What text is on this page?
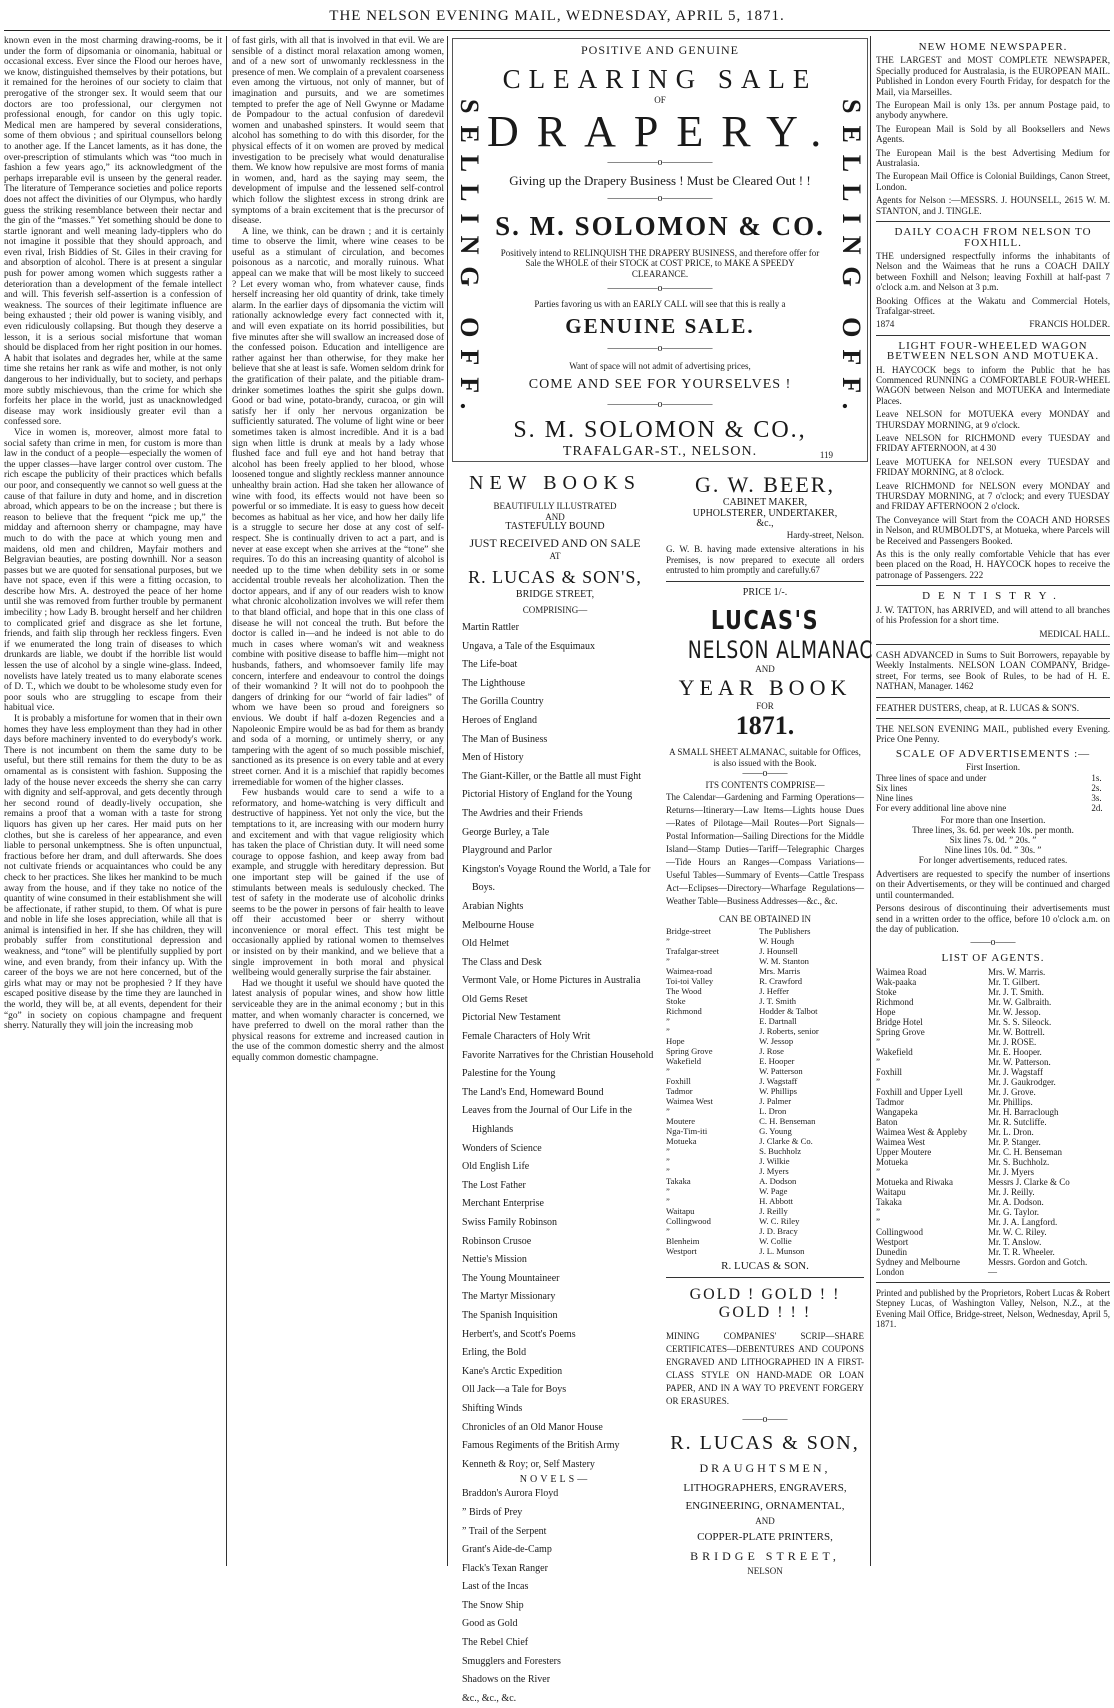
THE NELSON EVENING MAIL, WEDNESDAY, APRIL 5, 1871.

known even in the most charming drawing-rooms, be it under the form of dipsomania or oinomania, habitual or occasional excess. Ever since the Flood our heroes have, we know, distinguished themselves by their potations, but it remained for the heroines of our society to claim that prerogative of the stronger sex. It would seem that our doctors are too professional, our clergymen not professional enough, for candor on this ugly topic. Medical men are hampered by several considerations, some of them obvious ; and spiritual counsellors belong to another age. If the Lancet laments, as it has done, the over-prescription of stimulants which was “too much in fashion a few years ago,” its acknowledgment of the perhaps irreparable evil is unseen by the general reader. The literature of Temperance societies and police reports does not affect the divinities of our Olympus, who hardly guess the striking resemblance between their nectar and the gin of the “masses.” Yet something should be done to startle ignorant and well meaning lady-tipplers who do not imagine it possible that they should approach, and even rival, Irish Biddies of St. Giles in their craving for and absorption of alcohol. There is at present a singular push for power among women which suggests rather a deterioration than a development of the female intellect and will. This feverish self-assertion is a confession of weakness. The sources of their legitimate influence are being exhausted ; their old power is waning visibly, and even ridiculously collapsing. But though they deserve a lesson, it is a serious social misfortune that woman should be displaced from her right position in our homes. A habit that isolates and degrades her, while at the same time she retains her rank as wife and mother, is not only dangerous to her individually, but to society, and perhaps more subtly mischievous, than the crime for which she forfeits her place in the world, just as unacknowledged disease may work insidiously greater evil than a confessed sore.

Vice in women is, moreover, almost more fatal to social safety than crime in men, for custom is more than law in the conduct of a people—especially the women of the upper classes—have larger control over custom. The rich escape the publicity of their practices which befalls our poor, and consequently we cannot so well guess at the cause of that failure in duty and home, and in discretion abroad, which appears to be on the increase ; but there is reason to believe that the frequent “pick me up,” the midday and afternoon sherry or champagne, may have much to do with the pace at which young men and maidens, old men and children, Mayfair mothers and Belgravian beauties, are posting downhill. Nor a season passes but we are quoted for sensational purposes, but we have not space, even if this were a fitting occasion, to describe how Mrs. A. destroyed the peace of her home until she was removed from further trouble by permanent imbecility ; how Lady B. brought herself and her children to complicated grief and disgrace as she let fortune, friends, and faith slip through her reckless fingers. Even if we enumerated the long train of diseases to which drunkards are liable, we doubt if the horrible list would lessen the use of alcohol by a single wine-glass. Indeed, novelists have lately treated us to many elaborate scenes of D. T., which we doubt to be wholesome study even for poor souls who are struggling to escape from their habitual vice.

It is probably a misfortune for women that in their own homes they have less employment than they had in other days before machinery invented to do everybody's work. There is not incumbent on them the same duty to be useful, but there still remains for them the duty to be as ornamental as is consistent with fashion. Supposing the lady of the house never exceeds the sherry she can carry with dignity and self-approval, and gets decently through her second round of deadly-lively occupation, she remains a proof that a woman with a taste for strong liquors has given up her cares. Her maid puts on her clothes, but she is careless of her appearance, and even liable to personal unkemptness. She is often unpunctual, fractious before her dram, and dull afterwards. She does not cultivate friends or acquaintances who could be any check to her practices. She likes her mankind to be much away from the house, and if they take no notice of the quantity of wine consumed in their establishment she will be affectionate, if rather stupid, to them. Of what is pure and noble in life she loses appreciation, while all that is animal is intensified in her. If she has children, they will probably suffer from constitutional depression and weakness, and “tone” will be plentifully supplied by port wine, and even brandy, from their infancy up. With the career of the boys we are not here concerned, but of the girls what may or may not be prophesied ? If they have escaped positive disease by the time they are launched in the world, they will be, at all events, dependent for their “go” in society on copious champagne and frequent sherry. Naturally they will join the increasing mob

of fast girls, with all that is involved in that evil. We are sensible of a distinct moral relaxation among women, and of a new sort of unwomanly recklessness in the presence of men. We complain of a prevalent coarseness even among the virtuous, not only of manner, but of imagination and pursuits, and we are sometimes tempted to prefer the age of Nell Gwynne or Madame de Pompadour to the actual confusion of daredevil women and unabashed spinsters. It would seem that alcohol has something to do with this disorder, for the physical effects of it on women are proved by medical investigation to be precisely what would denaturalise them. We know how repulsive are most forms of mania in women, and, hard as the saying may seem, the development of impulse and the lessened self-control which follow the slightest excess in strong drink are symptoms of a brain excitement that is the precursor of disease.

A line, we think, can be drawn ; and it is certainly time to observe the limit, where wine ceases to be useful as a stimulant of circulation, and becomes poisonous as a narcotic, and morally ruinous. What appeal can we make that will be most likely to succeed ? Let every woman who, from whatever cause, finds herself increasing her old quantity of drink, take timely alarm. In the earlier days of dipsomania the victim will rationally acknowledge every fact connected with it, and will even expatiate on its horrid possibilities, but five minutes after she will swallow an increased dose of the confessed poison. Education and intelligence are rather against her than otherwise, for they make her believe that she at least is safe. Women seldom drink for the gratification of their palate, and the pitiable dram-drinker sometimes loathes the spirit she gulps down. Good or bad wine, potato-brandy, curacoa, or gin will satisfy her if only her nervous organization be sufficiently saturated. The volume of light wine or beer sometimes taken is almost incredible. And it is a bad sign when little is drunk at meals by a lady whose flushed face and full eye and hot hand betray that alcohol has been freely applied to her blood, whose loosened tongue and slightly reckless manner announce unhealthy brain action. Had she taken her allowance of wine with food, its effects would not have been so powerful or so immediate. It is easy to guess how deceit becomes as habitual as her vice, and how her daily life is a struggle to secure her dose at any cost of self-respect. She is continually driven to act a part, and is never at ease except when she arrives at the “tone” she requires. To do this an increasing quantity of alcohol is needed up to the time when debility sets in or some accidental trouble reveals her alcoholization. Then the doctor appears, and if any of our readers wish to know what chronic alcoholization involves we will refer them to that bland official, and hope that in this one class of disease he will not conceal the truth. But before the doctor is called in—and he indeed is not able to do much in cases where woman's wit and weakness combine with positive disease to baffle him—might not husbands, fathers, and whomsoever family life may concern, interfere and endeavour to control the doings of their womankind ? It will not do to poohpooh the dangers of drinking for our “world of fair ladies” of whom we have been so proud and foreigners so envious. We doubt if half a-dozen Regencies and a Napoleonic Empire would be as bad for them as brandy and soda of a morning, or untimely sherry, or any tampering with the agent of so much possible mischief, sanctioned as its presence is on every table and at every street corner. And it is a mischief that rapidly becomes irremediable for women of the higher classes.

Few husbands would care to send a wife to a reformatory, and home-watching is very difficult and destructive of happiness. Yet not only the vice, but the temptations to it, are increasing with our modern hurry and excitement and with that vague religiosity which has taken the place of Christian duty. It will need some courage to oppose fashion, and keep away from bad example, and struggle with hereditary depression. But one important step will be gained if the use of stimulants between meals is sedulously checked. The test of safety in the moderate use of alcoholic drinks seems to be the power in persons of fair health to leave off their accustomed beer or sherry without inconvenience or moral effect. This test might be occasionally applied by rational women to themselves or insisted on by their mankind, and we believe that a single improvement in both moral and physical wellbeing would generally surprise the fair abstainer.

Had we thought it useful we should have quoted the latest analysis of popular wines, and show how little serviceable they are in the animal economy ; but in this matter, and when womanly character is concerned, we have preferred to dwell on the moral rather than the physical reasons for extreme and increased caution in the use of the common domestic sherry and the almost equally common domestic champagne.

SELLING OFF.	SELLING OFF.
POSITIVE AND GENUINE
CLEARING SALE
OF
DRAPERY.
—————o—————
Giving up the Drapery Business ! Must be Cleared Out ! !
—————o—————
S. M. SOLOMON & CO.
Positively intend to RELINQUISH THE DRAPERY BUSINESS, and therefore offer for Sale the WHOLE of their STOCK at COST PRICE, to MAKE A SPEEDY CLEARANCE.
—————o—————
Parties favoring us with an EARLY CALL will see that this is really a
GENUINE SALE.
—————o—————
Want of space will not admit of advertising prices,
COME AND SEE FOR YOURSELVES !
—————o—————
S. M. SOLOMON & CO.,
TRAFALGAR-ST., NELSON.	119
NEW BOOKS
BEAUTIFULLY ILLUSTRATED
AND
TASTEFULLY BOUND
JUST RECEIVED AND ON SALE
AT
R. LUCAS & SON'S,
BRIDGE STREET,
COMPRISING—
Martin Rattler
Ungava, a Tale of the Esquimaux
The Life-boat
The Lighthouse
The Gorilla Country
Heroes of England
The Man of Business
Men of History
The Giant-Killer, or the Battle all must Fight
Pictorial History of England for the Young
The Awdries and their Friends
George Burley, a Tale
Playground and Parlor
Kingston's Voyage Round the World, a Tale for Boys.
Arabian Nights
Melbourne House
Old Helmet
The Class and Desk
Vermont Vale, or Home Pictures in Australia
Old Gems Reset
Pictorial New Testament
Female Characters of Holy Writ
Favorite Narratives for the Christian Household
Palestine for the Young
The Land's End, Homeward Bound
Leaves from the Journal of Our Life in the Highlands
Wonders of Science
Old English Life
The Lost Father
Merchant Enterprise
Swiss Family Robinson
Robinson Crusoe
Nettie's Mission
The Young Mountaineer
The Martyr Missionary
The Spanish Inquisition
Herbert's, and Scott's Poems
Erling, the Bold
Kane's Arctic Expedition
Oll Jack—a Tale for Boys
Shifting Winds
Chronicles of an Old Manor House
Famous Regiments of the British Army
Kenneth & Roy; or, Self Mastery
NOVELS—
Braddon's Aurora Floyd
” Birds of Prey
” Trail of the Serpent
Grant's Aide-de-Camp
Flack's Texan Ranger
Last of the Incas
The Snow Ship
Good as Gold
The Rebel Chief
Smugglers and Foresters
Shadows on the River
&c., &c., &c.
G. W. BEER,
CABINET MAKER, UPHOLSTERER, UNDERTAKER, &c.,
Hardy-street, Nelson.
G. W. B. having made extensive alterations in his Premises, is now prepared to execute all orders entrusted to him promptly and carefully.67
PRICE 1/-.
LUCAS'S
NELSON ALMANAC
AND
YEAR BOOK
FOR
1871.
A SMALL SHEET ALMANAC, suitable for Offices, is also issued with the Book.
——o——
ITS CONTENTS COMPRISE—
The Calendar—Gardening and Farming Operations—Returns—Itinerary—Law Items—Lights house Dues—Rates of Pilotage—Mail Routes—Port Signals—Postal Information—Sailing Directions for the Middle Island—Stamp Duties—Tariff—Telegraphic Charges—Tide Hours an Ranges—Compass Variations—Useful Tables—Summary of Events—Cattle Trespass Act—Eclipses—Directory—Wharfage Regulations—Weather Table—Business Addresses—&c., &c.
CAN BE OBTAINED IN
Bridge-street	The Publishers
”	W. Hough
Trafalgar-street	J. Hounsell
”	W. M. Stanton
Waimea-road	Mrs. Marris
Toi-toi Valley	R. Crawford
The Wood	J. Heffer
Stoke	J. T. Smith
Richmond	Hodder & Talbot
”	E. Dartnall
”	J. Roberts, senior
Hope	W. Jessop
Spring Grove	J. Rose
Wakefield	E. Hooper
”	W. Patterson
Foxhill	J. Wagstaff
Tadmor	W. Phillips
Waimea West	J. Palmer
”	L. Dron
Moutere	C. H. Benseman
Nga-Tim-iti	G. Young
Motueka	J. Clarke & Co.
”	S. Buchholz
”	J. Wilkie
”	J. Myers
Takaka	A. Dodson
”	W. Page
”	H. Abbott
Waitapu	J. Reilly
Collingwood	W. C. Riley
”	J. D. Bracy
Blenheim	W. Collie
Westport	J. L. Munson
R. LUCAS & SON.
GOLD ! GOLD ! ! GOLD ! ! !
MINING COMPANIES' SCRIP—SHARE CERTIFICATES—DEBENTURES AND COUPONS ENGRAVED AND LITHOGRAPHED IN A FIRST-CLASS STYLE ON HAND-MADE OR LOAN PAPER, AND IN A WAY TO PREVENT FORGERY OR ERASURES.
——o——
R. LUCAS & SON,
DRAUGHTSMEN,
LITHOGRAPHERS, ENGRAVERS,
ENGINEERING, ORNAMENTAL,
AND
COPPER-PLATE PRINTERS,
BRIDGE STREET,
NELSON
NEW HOME NEWSPAPER.

THE LARGEST and MOST COMPLETE NEWSPAPER, Specially produced for Australasia, is the EUROPEAN MAIL. Published in London every Fourth Friday, for despatch for the Mail, via Marseilles.

The European Mail is only 13s. per annum Postage paid, to anybody anywhere.

The European Mail is Sold by all Booksellers and News Agents.

The European Mail is the best Advertising Medium for Australasia.

The European Mail Office is Colonial Buildings, Canon Street, London.

Agents for Nelson :—MESSRS. J. HOUNSELL, 2615 W. M. STANTON, and J. TINGLE.

DAILY COACH FROM NELSON TO FOXHILL.

THE undersigned respectfully informs the inhabitants of Nelson and the Waimeas that he runs a COACH DAILY between Foxhill and Nelson; leaving Foxhill at half-past 7 o'clock a.m. and Nelson at 3 p.m.

Booking Offices at the Wakatu and Commercial Hotels, Trafalgar-street.

1874	FRANCIS HOLDER.

LIGHT FOUR-WHEELED WAGON BETWEEN NELSON AND MOTUEKA.

H. HAYCOCK begs to inform the Public that he has Commenced RUNNING a COMFORTABLE FOUR-WHEEL WAGON between Nelson and MOTUEKA and Intermediate Places.

Leave NELSON for MOTUEKA every MONDAY and THURSDAY MORNING, at 9 o'clock.

Leave NELSON for RICHMOND every TUESDAY and FRIDAY AFTERNOON, at 4 30

Leave MOTUEKA for NELSON every TUESDAY and FRIDAY MORNING, at 8 o'clock.

Leave RICHMOND for NELSON every MONDAY and THURSDAY MORNING, at 7 o'clock; and every TUESDAY and FRIDAY AFTERNOON 2 o'clock.

The Conveyance will Start from the COACH AND HORSES in Nelson, and RUMBOLDT'S, at Motueka, where Parcels will be Received and Passengers Booked.

As this is the only really comfortable Vehicle that has ever been placed on the Road, H. HAYCOCK hopes to receive the patronage of Passengers. 222

DENTISTRY.

J. W. TATTON, has ARRIVED, and will attend to all branches of his Profession for a short time.

MEDICAL HALL.

CASH ADVANCED in Sums to Suit Borrowers, repayable by Weekly Instalments. NELSON LOAN COMPANY, Bridge-street, For terms, see Book of Rules, to be had of H. E. NATHAN, Manager. 1462

FEATHER DUSTERS, cheap, at R. LUCAS & SON'S.

THE NELSON EVENING MAIL, published every Evening. Price One Penny.

SCALE OF ADVERTISEMENTS :—
First Insertion.
Three lines of space and under	1s.
Six lines	2s.
Nine lines	3s.
For every additional line above nine	2d.
For more than one Insertion.
Three lines, 3s. 6d. per week 10s. per month.
Six lines 7s. 0d. ” 20s. ”
Nine lines 10s. 0d. ” 30s. ”
For longer advertisements, reduced rates.

Advertisers are requested to specify the number of insertions on their Advertisements, or they will be continued and charged until countermanded.

Persons desirous of discontinuing their advertisements must send in a written order to the office, before 10 o'clock a.m. on the day of publication.

——o——
LIST OF AGENTS.
Waimea Road	Mrs. W. Marris.
Wak-paaka	Mr. T. Gilbert.
Stoke	Mr. J. T. Smith.
Richmond	Mr. W. Galbraith.
Hope	Mr. W. Jessop.
Bridge Hotel	Mr. S. S. Sileock.
Spring Grove	Mr. W. Bottrell.
”	Mr. J. ROSE.
Wakefield	Mr. E. Hooper.
”	Mr. W. Patterson.
Foxhill	Mr. J. Wagstaff
”	Mr. J. Gaukrodger.
Foxhill and Upper Lyell	Mr. J. Grove.
Tadmor	Mr. Phillips.
Wangapeka	Mr. H. Barraclough
Baton	Mr. R. Sutcliffe.
Waimea West & Appleby	Mr. L. Dron.
Waimea West	Mr. P. Stanger.
Upper Moutere	Mr. C. H. Benseman
Motueka	Mr. S. Buchholz.
”	Mr. J. Myers
Motueka and Riwaka	Messrs J. Clarke & Co
Waitapu	Mr. J. Reilly.
Takaka	Mr. A. Dodson.
”	Mr. G. Taylor.
”	Mr. J. A. Langford.
Collingwood	Mr. W. C. Riley.
Westport	Mr. T. Anslow.
Dunedin	Mr. T. R. Wheeler.
Sydney and Melbourne	Messrs. Gordon and Gotch.
London	—

Printed and published by the Proprietors, Robert Lucas & Robert Stepney Lucas, of Washington Valley, Nelson, N.Z., at the Evening Mail Office, Bridge-street, Nelson, Wednesday, April 5, 1871.
